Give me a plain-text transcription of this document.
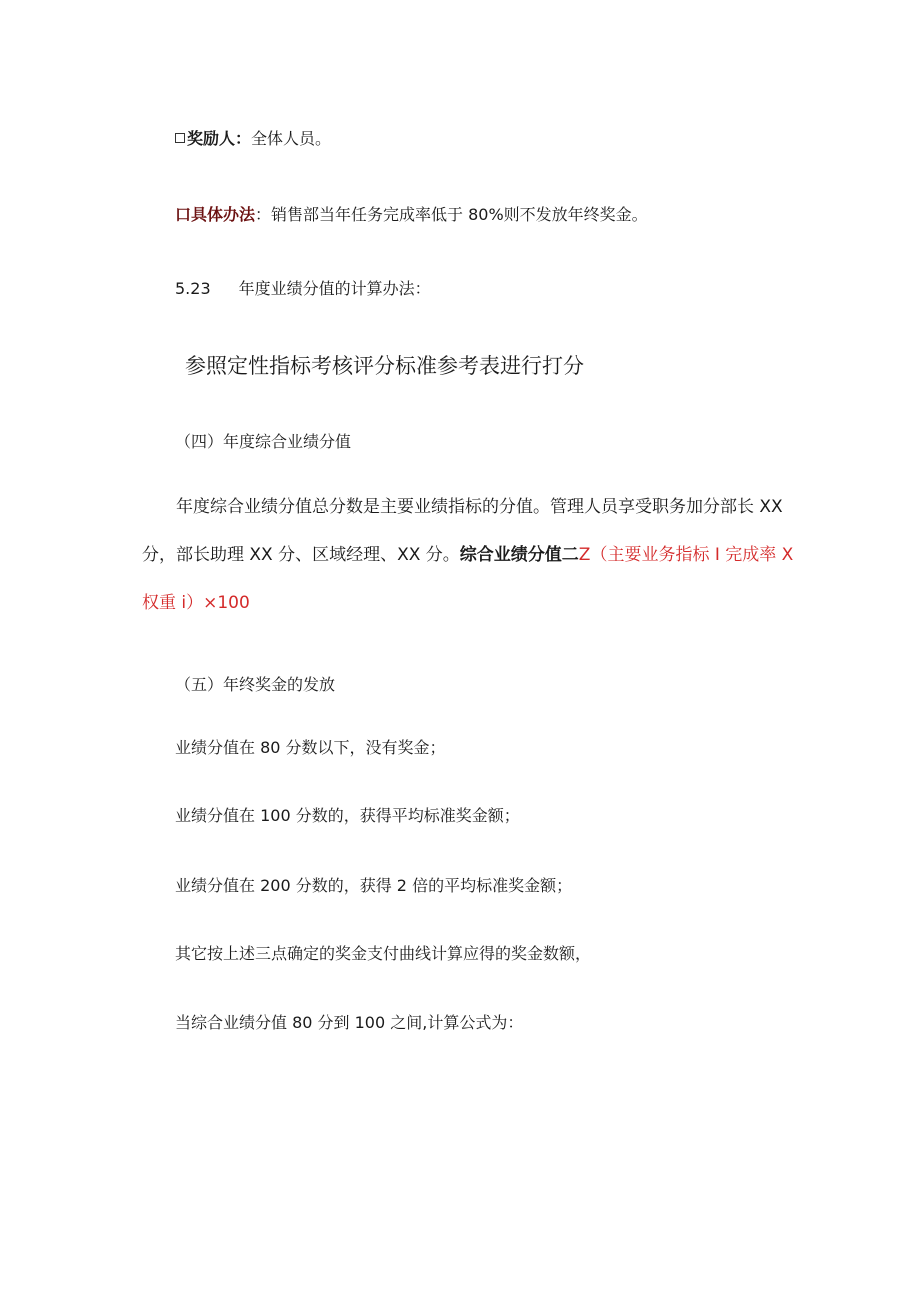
奖励人：全体人员。
口具体办法：销售部当年任务完成率低于 80%则不发放年终奖金。
5.23 年度业绩分值的计算办法：
参照定性指标考核评分标准参考表进行打分
（四）年度综合业绩分值
年度综合业绩分值总分数是主要业绩指标的分值。管理人员享受职务加分部长 XX
分，部长助理 XX 分、区域经理、XX 分。综合业绩分值二Z（主要业务指标 I 完成率 X
权重 i）×100
（五）年终奖金的发放
业绩分值在 80 分数以下，没有奖金；
业绩分值在 100 分数的，获得平均标准奖金额；
业绩分值在 200 分数的，获得 2 倍的平均标准奖金额；
其它按上述三点确定的奖金支付曲线计算应得的奖金数额，
当综合业绩分值 80 分到 100 之间,计算公式为：
